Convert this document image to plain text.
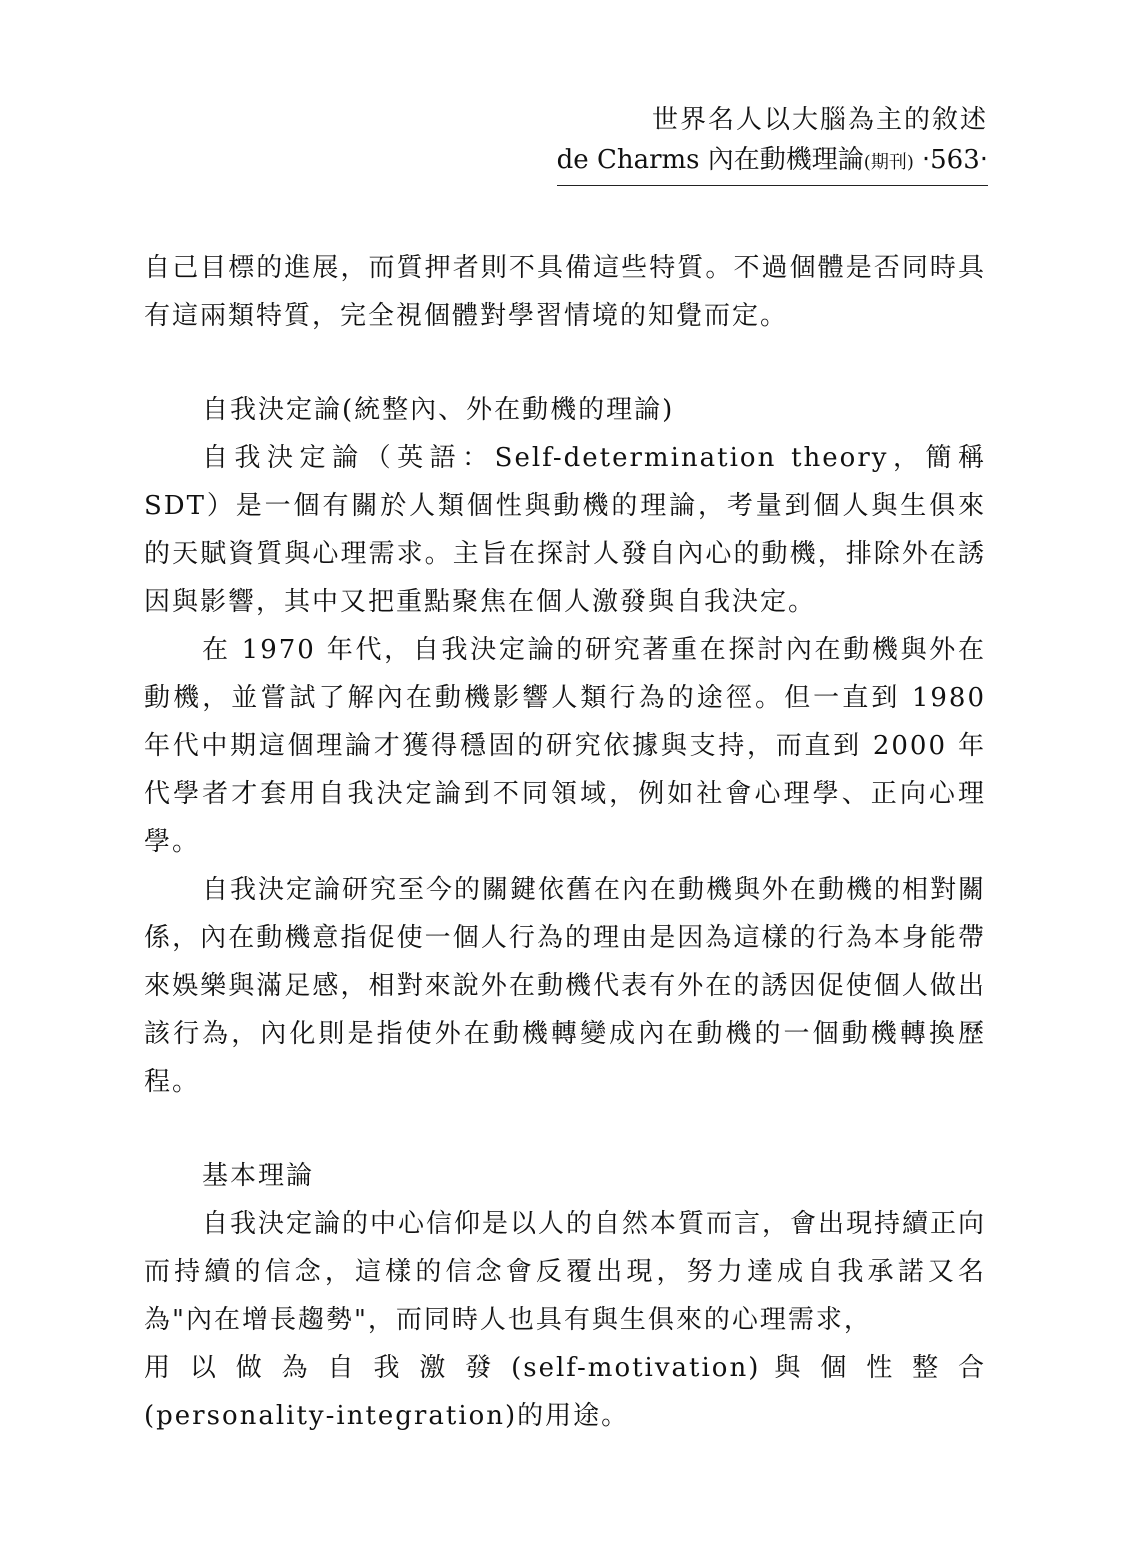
世界名人以大腦為主的敘述
de Charms 內在動機理論(期刊) ‧563‧

自己目標的進展，而質押者則不具備這些特質。不過個體是否同時具有這兩類特質，完全視個體對學習情境的知覺而定。

自我決定論(統整內、外在動機的理論)

自我決定論（英語：Self-determination theory，簡稱 SDT）是一個有關於人類個性與動機的理論，考量到個人與生俱來的天賦資質與心理需求。主旨在探討人發自內心的動機，排除外在誘因與影響，其中又把重點聚焦在個人激發與自我決定。

在 1970 年代，自我決定論的研究著重在探討內在動機與外在動機，並嘗試了解內在動機影響人類行為的途徑。但一直到 1980 年代中期這個理論才獲得穩固的研究依據與支持，而直到 2000 年代學者才套用自我決定論到不同領域，例如社會心理學、正向心理學。

自我決定論研究至今的關鍵依舊在內在動機與外在動機的相對關係，內在動機意指促使一個人行為的理由是因為這樣的行為本身能帶來娛樂與滿足感，相對來說外在動機代表有外在的誘因促使個人做出該行為，內化則是指使外在動機轉變成內在動機的一個動機轉換歷程。

基本理論

自我決定論的中心信仰是以人的自然本質而言，會出現持續正向而持續的信念，這樣的信念會反覆出現，努力達成自我承諾又名為"內在增長趨勢"，而同時人也具有與生俱來的心理需求，

用 以 做 為 自 我 激 發 (self-motivation) 與 個 性 整 合

(personality-integration)的用途。
